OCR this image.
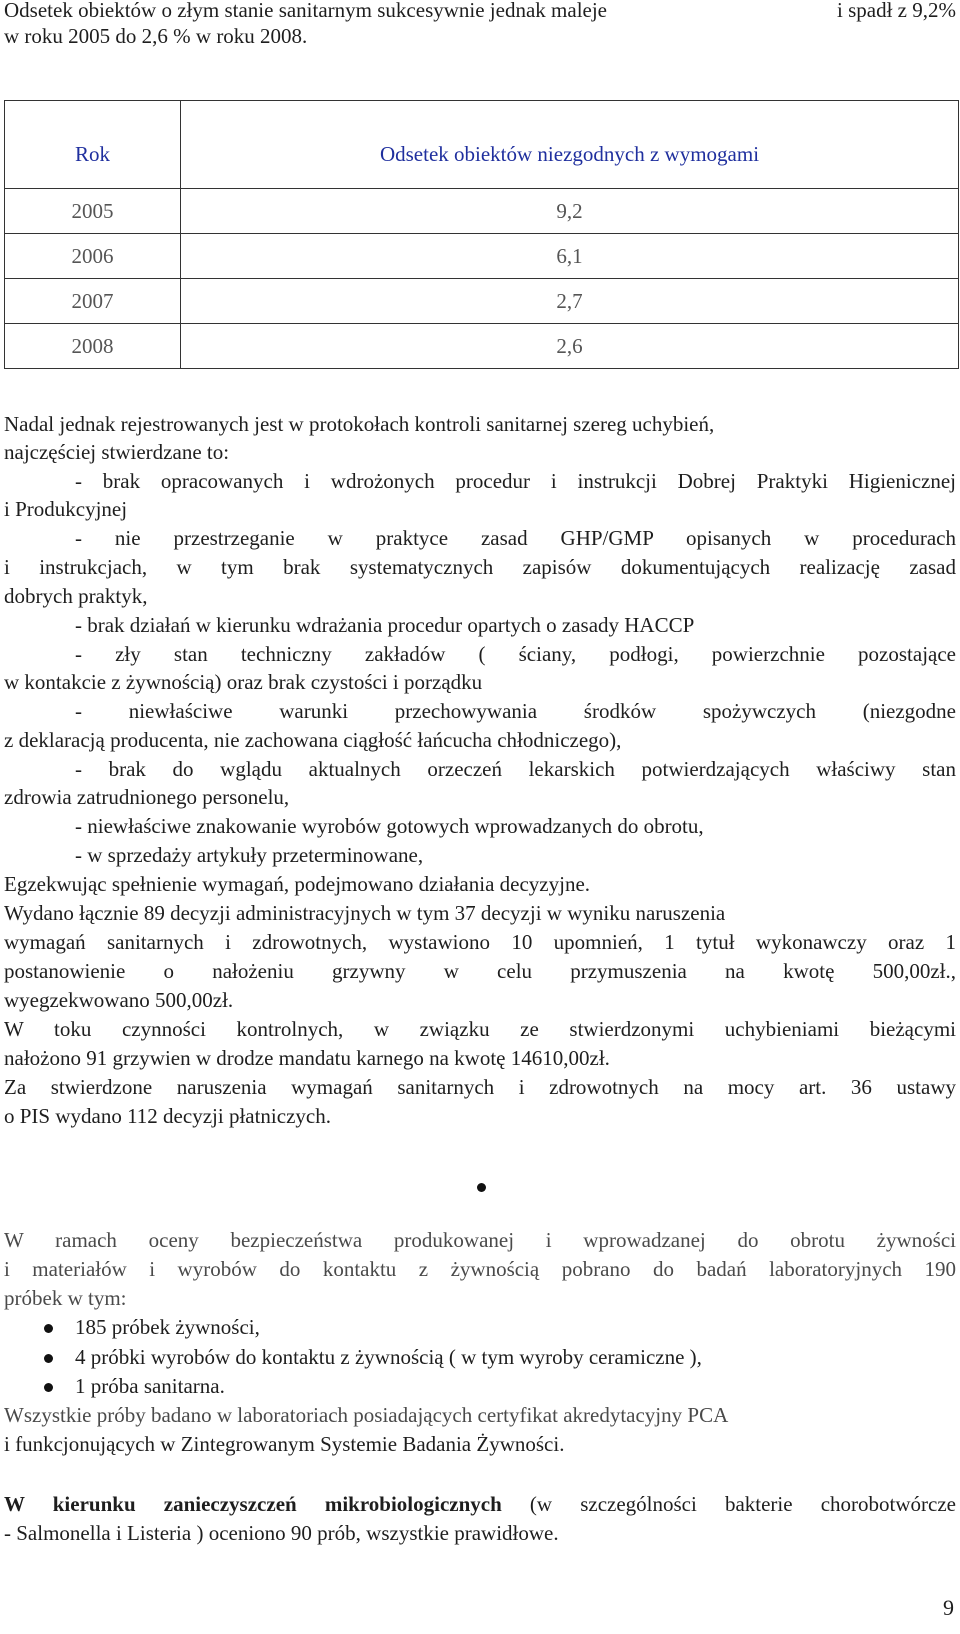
Odsetek obiektów o złym stanie sanitarnym sukcesywnie jednak maleje	i spadł z 9,2%
w roku 2005 do 2,6 % w roku 2008.
Rok	Odsetek obiektów niezgodnych z wymogami
2005	9,2
2006	6,1
2007	2,7
2008	2,6
Nadal jednak rejestrowanych jest w protokołach kontroli sanitarnej szereg uchybień,
najczęściej stwierdzane to:
- brak opracowanych i wdrożonych procedur i instrukcji Dobrej Praktyki Higienicznej
i Produkcyjnej
- nie przestrzeganie w praktyce zasad GHP/GMP opisanych w procedurach
i instrukcjach, w tym brak systematycznych zapisów dokumentujących realizację zasad
dobrych praktyk,
- brak działań w kierunku wdrażania procedur opartych o zasady HACCP
- zły stan techniczny zakładów ( ściany, podłogi, powierzchnie pozostające
w kontakcie z żywnością) oraz brak czystości i porządku
- niewłaściwe warunki przechowywania środków spożywczych (niezgodne
z deklaracją producenta, nie zachowana ciągłość łańcucha chłodniczego),
- brak do wglądu aktualnych orzeczeń lekarskich potwierdzających właściwy stan
zdrowia zatrudnionego personelu,
- niewłaściwe znakowanie wyrobów gotowych wprowadzanych do obrotu,
- w sprzedaży artykuły przeterminowane,
Egzekwując spełnienie wymagań, podejmowano działania decyzyjne.
Wydano łącznie 89 decyzji administracyjnych w tym 37 decyzji w wyniku naruszenia
wymagań sanitarnych i zdrowotnych, wystawiono 10 upomnień, 1 tytuł wykonawczy oraz 1
postanowienie o nałożeniu grzywny w celu przymuszenia na kwotę 500,00zł.,
wyegzekwowano 500,00zł.
W toku czynności kontrolnych, w związku ze stwierdzonymi uchybieniami bieżącymi
nałożono 91 grzywien w drodze mandatu karnego na kwotę 14610,00zł.
Za stwierdzone naruszenia wymagań sanitarnych i zdrowotnych na mocy art. 36 ustawy
o PIS wydano 112 decyzji płatniczych.
W ramach oceny bezpieczeństwa produkowanej i wprowadzanej do obrotu żywności
i materiałów i wyrobów do kontaktu z żywnością pobrano do badań laboratoryjnych 190
próbek w tym:
185 próbek żywności,
4 próbki wyrobów do kontaktu z żywnością ( w tym wyroby ceramiczne ),
1 próba sanitarna.
Wszystkie próby badano w laboratoriach posiadających certyfikat akredytacyjny PCA
i funkcjonujących w Zintegrowanym Systemie Badania Żywności.
W kierunku zanieczyszczeń mikrobiologicznych (w szczególności bakterie chorobotwórcze
- Salmonella i Listeria ) oceniono 90 prób, wszystkie prawidłowe.
9
